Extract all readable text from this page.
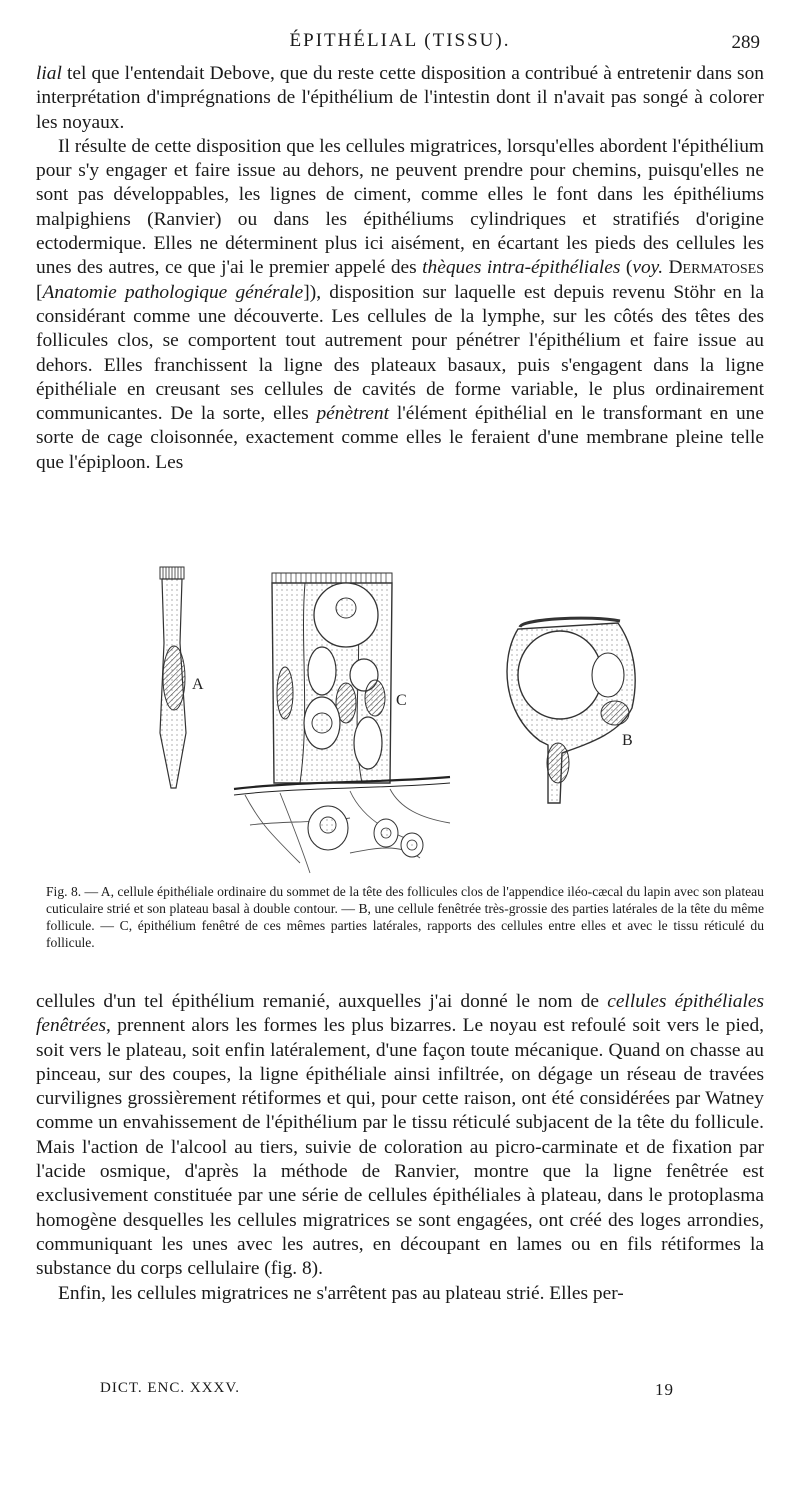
ÉPITHÉLIAL (TISSU).	289

lial tel que l'entendait Debove, que du reste cette disposition a contribué à entretenir dans son interprétation d'imprégnations de l'épithélium de l'intestin dont il n'avait pas songé à colorer les noyaux.

Il résulte de cette disposition que les cellules migratrices, lorsqu'elles abordent l'épithélium pour s'y engager et faire issue au dehors, ne peuvent prendre pour chemins, puisqu'elles ne sont pas développables, les lignes de ciment, comme elles le font dans les épithéliums malpighiens (Ranvier) ou dans les épithéliums cylindriques et stratifiés d'origine ectodermique. Elles ne déterminent plus ici aisément, en écartant les pieds des cellules les unes des autres, ce que j'ai le premier appelé des thèques intra-épithéliales (voy. Dermatoses [Anatomie pathologique générale]), disposition sur laquelle est depuis revenu Stöhr en la considérant comme une découverte. Les cellules de la lymphe, sur les côtés des têtes des follicules clos, se comportent tout autrement pour pénétrer l'épithélium et faire issue au dehors. Elles franchissent la ligne des plateaux basaux, puis s'engagent dans la ligne épithéliale en creusant ses cellules de cavités de forme variable, le plus ordinairement communicantes. De la sorte, elles pénètrent l'élément épithélial en le transformant en une sorte de cage cloisonnée, exactement comme elles le feraient d'une membrane pleine telle que l'épiploon. Les

A
C
B
Fig. 8. — A, cellule épithéliale ordinaire du sommet de la tête des follicules clos de l'appendice iléo-cæcal du lapin avec son plateau cuticulaire strié et son plateau basal à double contour. — B, une cellule fenêtrée très-grossie des parties latérales de la tête du même follicule. — C, épithélium fenêtré de ces mêmes parties latérales, rapports des cellules entre elles et avec le tissu réticulé du follicule.

cellules d'un tel épithélium remanié, auxquelles j'ai donné le nom de cellules épithéliales fenêtrées, prennent alors les formes les plus bizarres. Le noyau est refoulé soit vers le pied, soit vers le plateau, soit enfin latéralement, d'une façon toute mécanique. Quand on chasse au pinceau, sur des coupes, la ligne épithéliale ainsi infiltrée, on dégage un réseau de travées curvilignes grossièrement rétiformes et qui, pour cette raison, ont été considérées par Watney comme un envahissement de l'épithélium par le tissu réticulé subjacent de la tête du follicule. Mais l'action de l'alcool au tiers, suivie de coloration au picro-carminate et de fixation par l'acide osmique, d'après la méthode de Ranvier, montre que la ligne fenêtrée est exclusivement constituée par une série de cellules épithéliales à plateau, dans le protoplasma homogène desquelles les cellules migratrices se sont engagées, ont créé des loges arrondies, communiquant les unes avec les autres, en découpant en lames ou en fils rétiformes la substance du corps cellulaire (fig. 8).

Enfin, les cellules migratrices ne s'arrêtent pas au plateau strié. Elles per-

DICT. ENC. XXXV.	19
